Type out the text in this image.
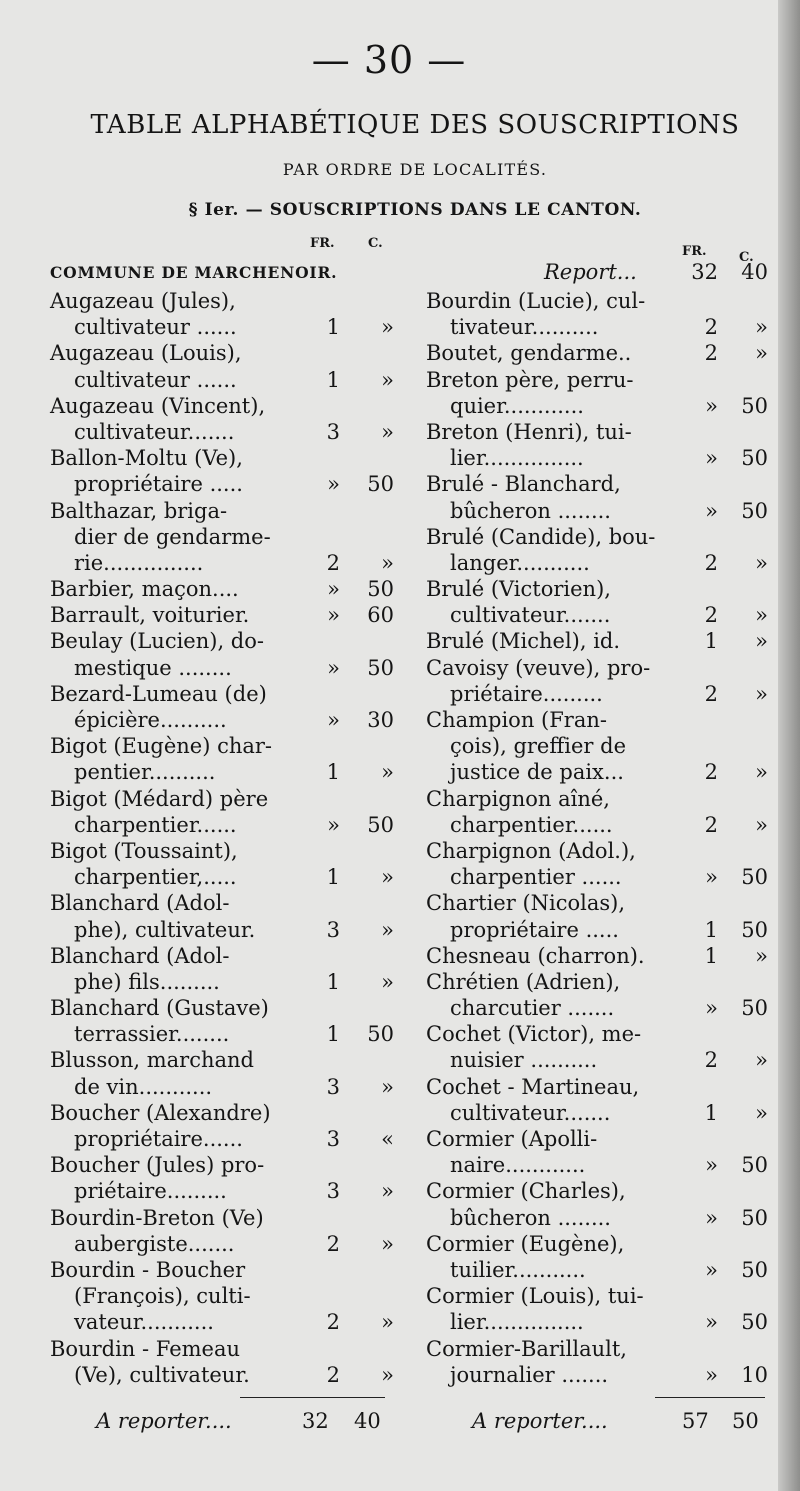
— 30 —
TABLE ALPHABÉTIQUE DES SOUSCRIPTIONS
PAR ORDRE DE LOCALITÉS.
§ Ier. — SOUSCRIPTIONS DANS LE CANTON.
FR.	C.
COMMUNE DE MARCHENOIR.
Augazeau (Jules),
cultivateur ......	1	»
Augazeau (Louis),
cultivateur ......	1	»
Augazeau (Vincent),
cultivateur.......	3	»
Ballon-Moltu (Ve),
propriétaire .....	»	50
Balthazar, briga-
dier de gendarme-
rie...............	2	»
Barbier, maçon....	»	50
Barrault, voiturier.	»	60
Beulay (Lucien), do-
mestique ........	»	50
Bezard-Lumeau (de)
épicière..........	»	30
Bigot (Eugène) char-
pentier..........	1	»
Bigot (Médard) père
charpentier......	»	50
Bigot (Toussaint),
charpentier,.....	1	»
Blanchard (Adol-
phe), cultivateur.	3	»
Blanchard (Adol-
phe) fils.........	1	»
Blanchard (Gustave)
terrassier........	1	50
Blusson, marchand
de vin...........	3	»
Boucher (Alexandre)
propriétaire......	3	«
Boucher (Jules) pro-
priétaire.........	3	»
Bourdin-Breton (Ve)
aubergiste.......	2	»
Bourdin - Boucher
(François), culti-
vateur...........	2	»
Bourdin - Femeau
(Ve), cultivateur.	2	»
FR. C.
Report...	32	40
Bourdin (Lucie), cul-
tivateur..........	2	»
Boutet, gendarme..	2	»
Breton père, perru-
quier............	»	50
Breton (Henri), tui-
lier...............	»	50
Brulé - Blanchard,
bûcheron ........	»	50
Brulé (Candide), bou-
langer...........	2	»
Brulé (Victorien),
cultivateur.......	2	»
Brulé (Michel), id.	1	»
Cavoisy (veuve), pro-
priétaire.........	2	»
Champion (Fran-
çois), greffier de
justice de paix...	2	»
Charpignon aîné,
charpentier......	2	»
Charpignon (Adol.),
charpentier ......	»	50
Chartier (Nicolas),
propriétaire .....	1	50
Chesneau (charron).	1	»
Chrétien (Adrien),
charcutier .......	»	50
Cochet (Victor), me-
nuisier ..........	2	»
Cochet - Martineau,
cultivateur.......	1	»
Cormier (Apolli-
naire............	»	50
Cormier (Charles),
bûcheron ........	»	50
Cormier (Eugène),
tuilier...........	»	50
Cormier (Louis), tui-
lier...............	»	50
Cormier-Barillault,
journalier .......	»	10
A reporter....	32 40	A reporter....	57 50
